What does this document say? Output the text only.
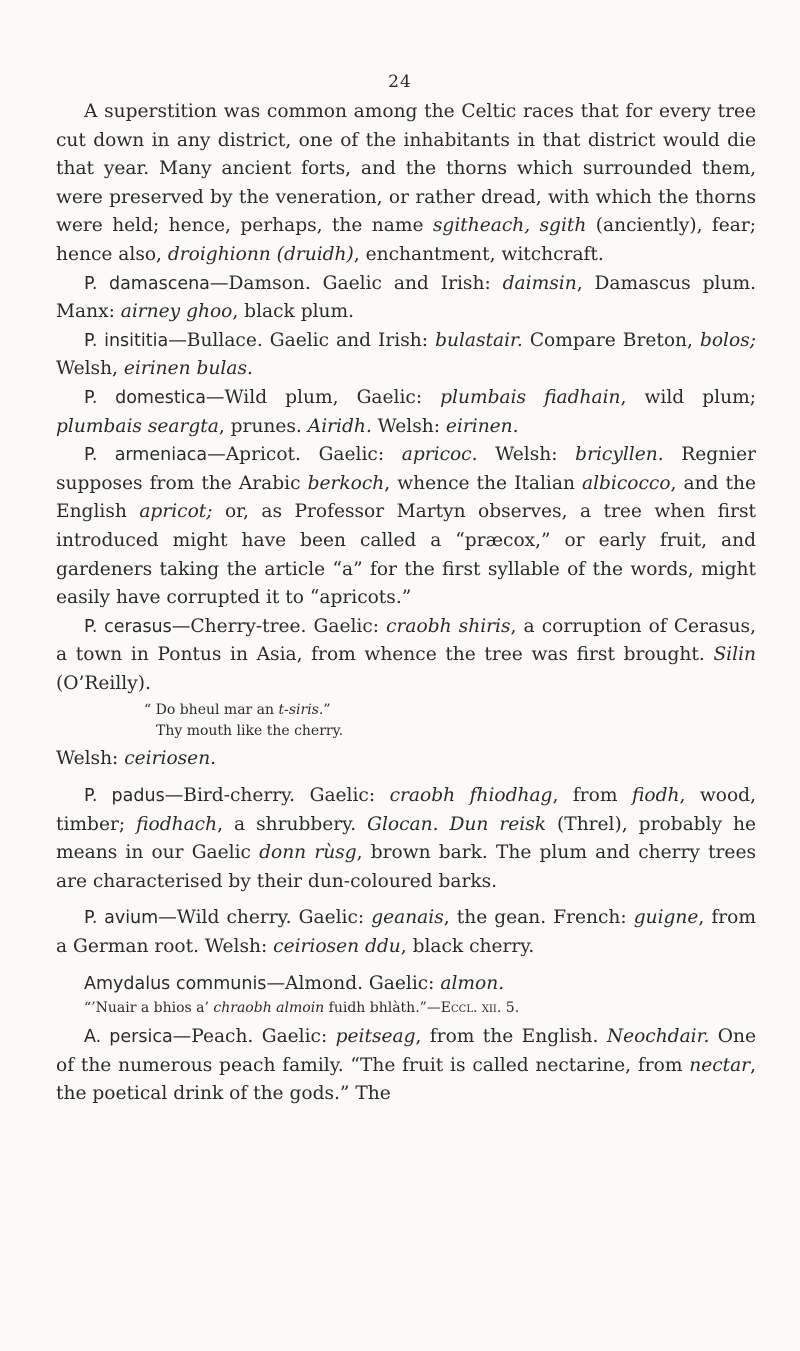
24

A superstition was common among the Celtic races that for every tree cut down in any district, one of the inhabitants in that district would die that year. Many ancient forts, and the thorns which surrounded them, were preserved by the veneration, or rather dread, with which the thorns were held; hence, perhaps, the name sgitheach, sgith (anciently), fear; hence also, droighionn (druidh), enchantment, witchcraft.

P. damascena—Damson. Gaelic and Irish: daimsin, Damascus plum. Manx: airney ghoo, black plum.

P. insititia—Bullace. Gaelic and Irish: bulastair. Compare Breton, bolos; Welsh, eirinen bulas.

P. domestica—Wild plum, Gaelic: plumbais fiadhain, wild plum; plumbais seargta, prunes. Airidh. Welsh: eirinen.

P. armeniaca—Apricot. Gaelic: apricoc. Welsh: bricyllen. Regnier supposes from the Arabic berkoch, whence the Italian albicocco, and the English apricot; or, as Professor Martyn observes, a tree when first introduced might have been called a “præcox,” or early fruit, and gardeners taking the article “a” for the first syllable of the words, might easily have corrupted it to “apricots.”

P. cerasus—Cherry-tree. Gaelic: craobh shiris, a corruption of Cerasus, a town in Pontus in Asia, from whence the tree was first brought. Silin (O’Reilly).

“ Do bheul mar an t-siris.”
Thy mouth like the cherry.

Welsh: ceiriosen.

P. padus—Bird-cherry. Gaelic: craobh fhiodhag, from fiodh, wood, timber; fiodhach, a shrubbery. Glocan. Dun reisk (Threl), probably he means in our Gaelic donn rùsg, brown bark. The plum and cherry trees are characterised by their dun-coloured barks.

P. avium—Wild cherry. Gaelic: geanais, the gean. French: guigne, from a German root. Welsh: ceiriosen ddu, black cherry.

Amydalus communis—Almond. Gaelic: almon.

“’Nuair a bhios a’ chraobh almoin fuidh bhlàth.”—Eccl. xii. 5.

A. persica—Peach. Gaelic: peitseag, from the English. Neochdair. One of the numerous peach family. “The fruit is called nectarine, from nectar, the poetical drink of the gods.” The
